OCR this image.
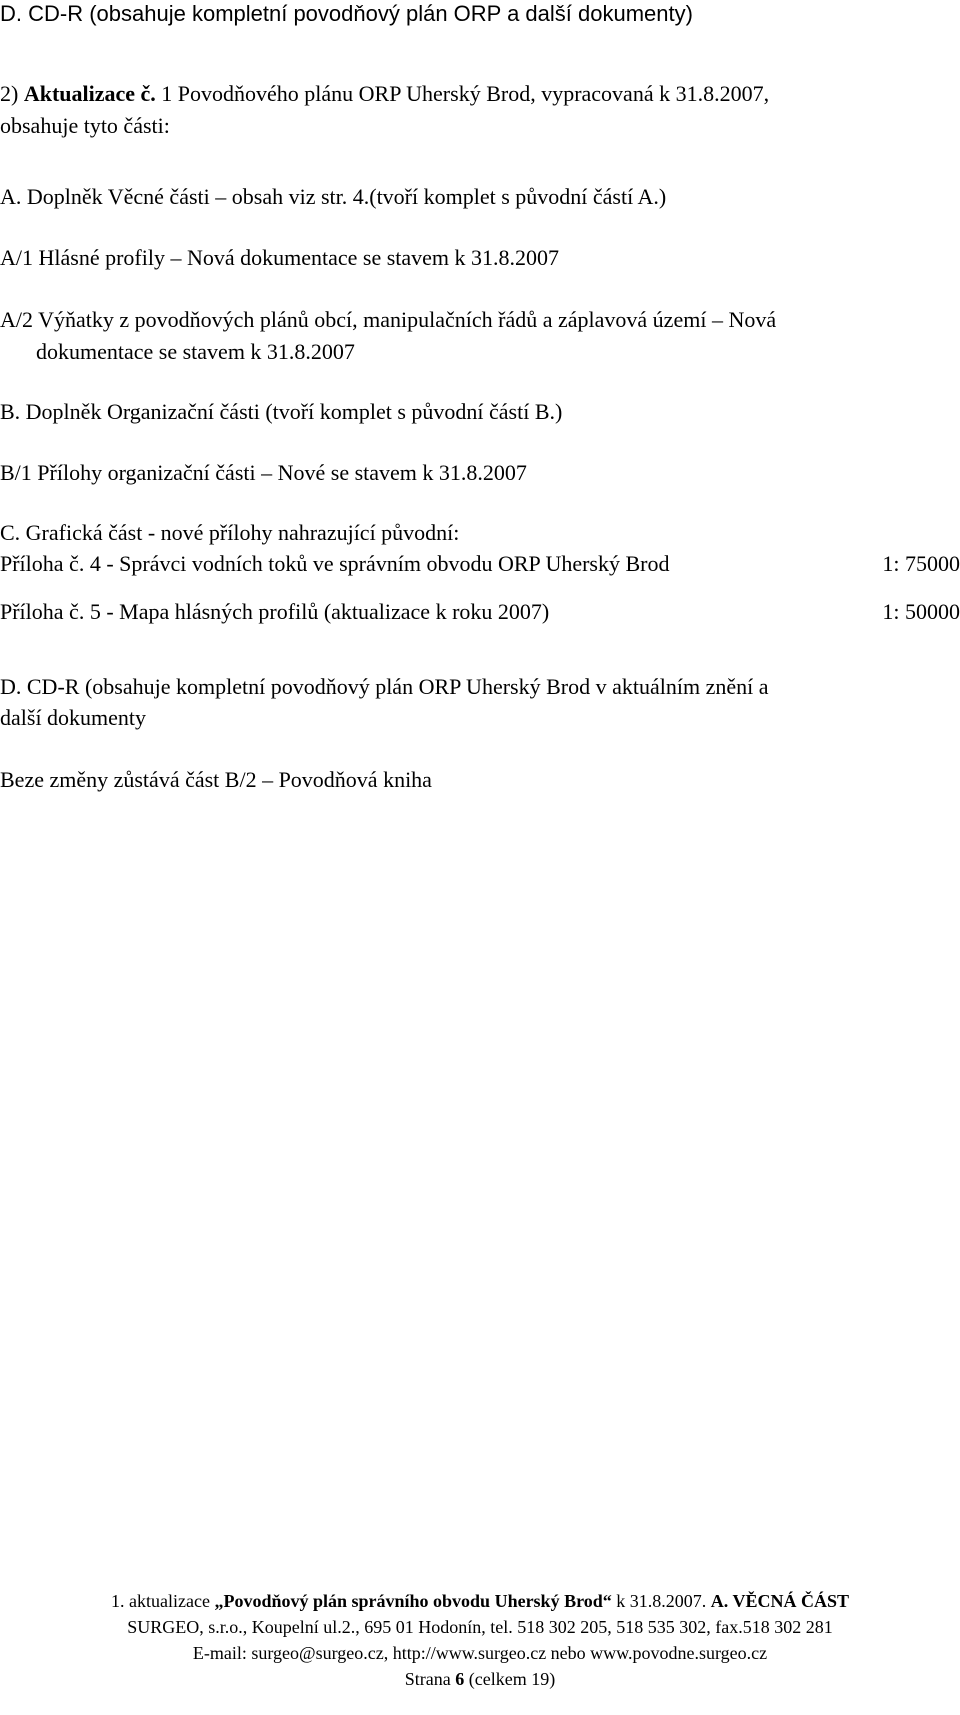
D. CD-R (obsahuje kompletní povodňový plán ORP a další dokumenty)
2) Aktualizace č. 1 Povodňového plánu ORP Uherský Brod, vypracovaná k 31.8.2007,
obsahuje tyto části:
A. Doplněk Věcné části – obsah viz str. 4.(tvoří komplet s původní částí A.)
A/1 Hlásné profily – Nová dokumentace se stavem k 31.8.2007
A/2 Výňatky z povodňových plánů obcí, manipulačních řádů a záplavová území – Nová
dokumentace se stavem k 31.8.2007
B. Doplněk Organizační části (tvoří komplet s původní částí B.)
B/1 Přílohy organizační části – Nové se stavem k 31.8.2007
C. Grafická část - nové přílohy nahrazující původní:
Příloha č. 4 - Správci vodních toků ve správním obvodu ORP Uherský Brod	1: 75000
Příloha č. 5 - Mapa hlásných profilů (aktualizace k roku 2007)	1: 50000
D. CD-R (obsahuje kompletní povodňový plán ORP Uherský Brod v aktuálním znění a
další dokumenty
Beze změny zůstává část B/2 – Povodňová kniha
1. aktualizace „Povodňový plán správního obvodu Uherský Brod“ k 31.8.2007. A. VĚCNÁ ČÁST
SURGEO, s.r.o., Koupelní ul.2., 695 01 Hodonín, tel. 518 302 205, 518 535 302, fax.518 302 281
E-mail: surgeo@surgeo.cz, http://www.surgeo.cz nebo www.povodne.surgeo.cz
Strana 6 (celkem 19)
